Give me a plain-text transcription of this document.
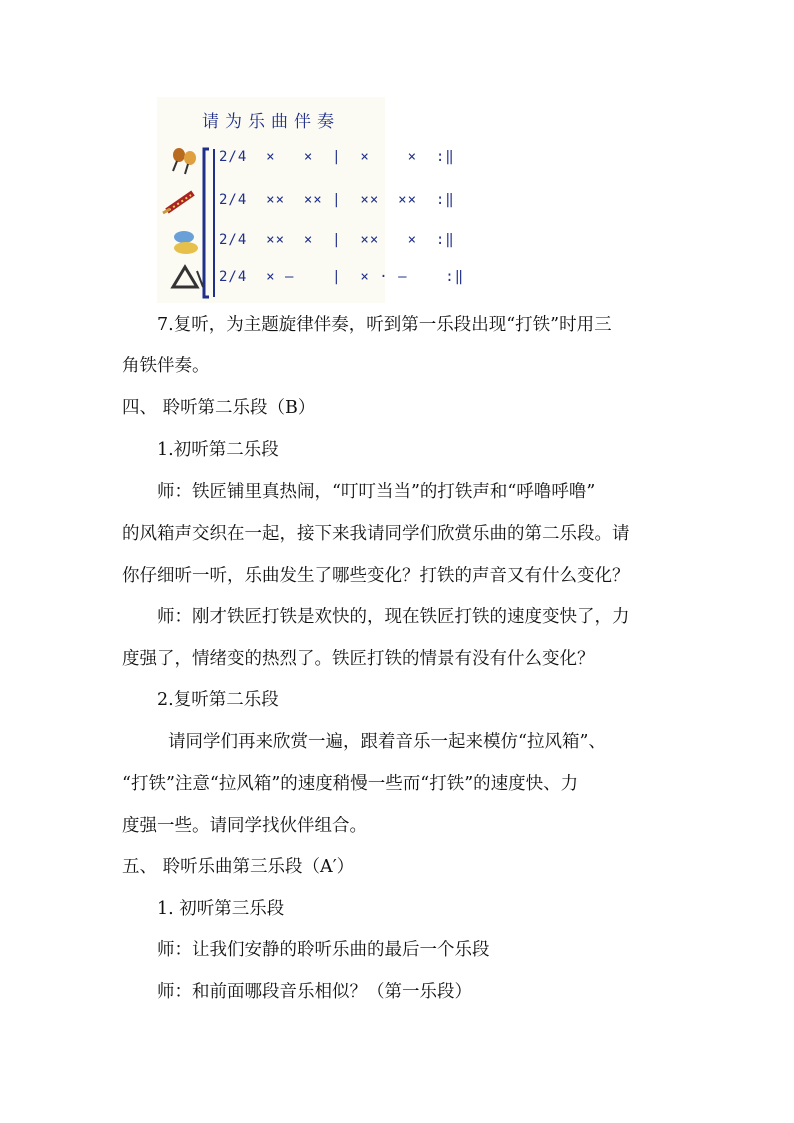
请为乐曲伴奏
2/4  ×   ×  |  ×    ×  :‖
2/4  ××  ×× |  ××  ××  :‖
2/4  ××  ×  |  ××   ×  :‖
2/4  × —    |  × · —    :‖
7.复听，为主题旋律伴奏，听到第一乐段出现“打铁”时用三
角铁伴奏。
四、 聆听第二乐段（B）
1.初听第二乐段
师：铁匠铺里真热闹，“叮叮当当”的打铁声和“呼噜呼噜”
的风箱声交织在一起，接下来我请同学们欣赏乐曲的第二乐段。请
你仔细听一听，乐曲发生了哪些变化？打铁的声音又有什么变化？
师：刚才铁匠打铁是欢快的，现在铁匠打铁的速度变快了，力
度强了，情绪变的热烈了。铁匠打铁的情景有没有什么变化？
2.复听第二乐段
请同学们再来欣赏一遍，跟着音乐一起来模仿“拉风箱”、
“打铁”注意“拉风箱”的速度稍慢一些而“打铁”的速度快、力
度强一些。请同学找伙伴组合。
五、 聆听乐曲第三乐段（A′）
1. 初听第三乐段
师：让我们安静的聆听乐曲的最后一个乐段
师：和前面哪段音乐相似？（第一乐段）
